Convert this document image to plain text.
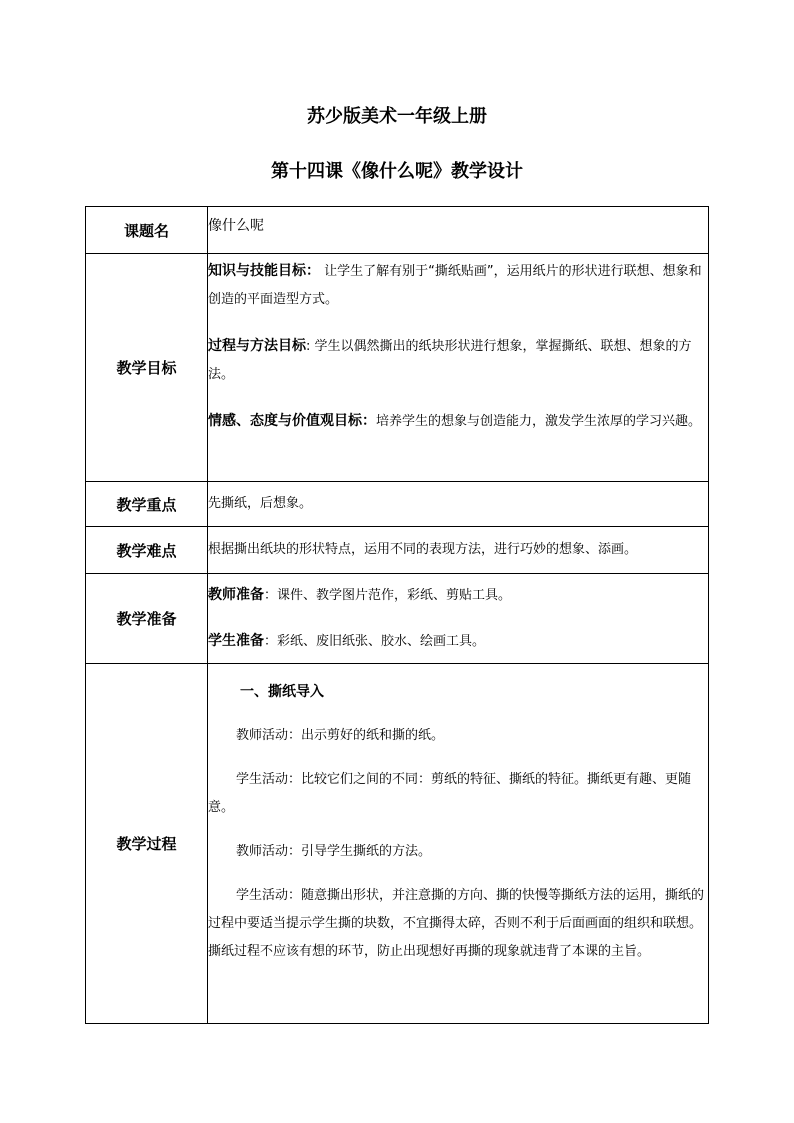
苏少版美术一年级上册
第十四课《像什么呢》教学设计
课题名	像什么呢
教学目标	知识与技能目标： 让学生了解有别于“撕纸贴画”，运用纸片的形状进行联想、想象和创造的平面造型方式。

过程与方法目标: 学生以偶然撕出的纸块形状进行想象，掌握撕纸、联想、想象的方法。

情感、态度与价值观目标：培养学生的想象与创造能力，激发学生浓厚的学习兴趣。

教学重点	先撕纸，后想象。
教学难点	根据撕出纸块的形状特点，运用不同的表现方法，进行巧妙的想象、添画。
教学准备	教师准备：课件、教学图片范作，彩纸、剪贴工具。

学生准备：彩纸、废旧纸张、胶水、绘画工具。

教学过程	一、撕纸导入

教师活动：出示剪好的纸和撕的纸。

学生活动：比较它们之间的不同：剪纸的特征、撕纸的特征。撕纸更有趣、更随意。

教师活动：引导学生撕纸的方法。

学生活动：随意撕出形状，并注意撕的方向、撕的快慢等撕纸方法的运用，撕纸的过程中要适当提示学生撕的块数，不宜撕得太碎，否则不利于后面画面的组织和联想。撕纸过程不应该有想的环节，防止出现想好再撕的现象就违背了本课的主旨。
